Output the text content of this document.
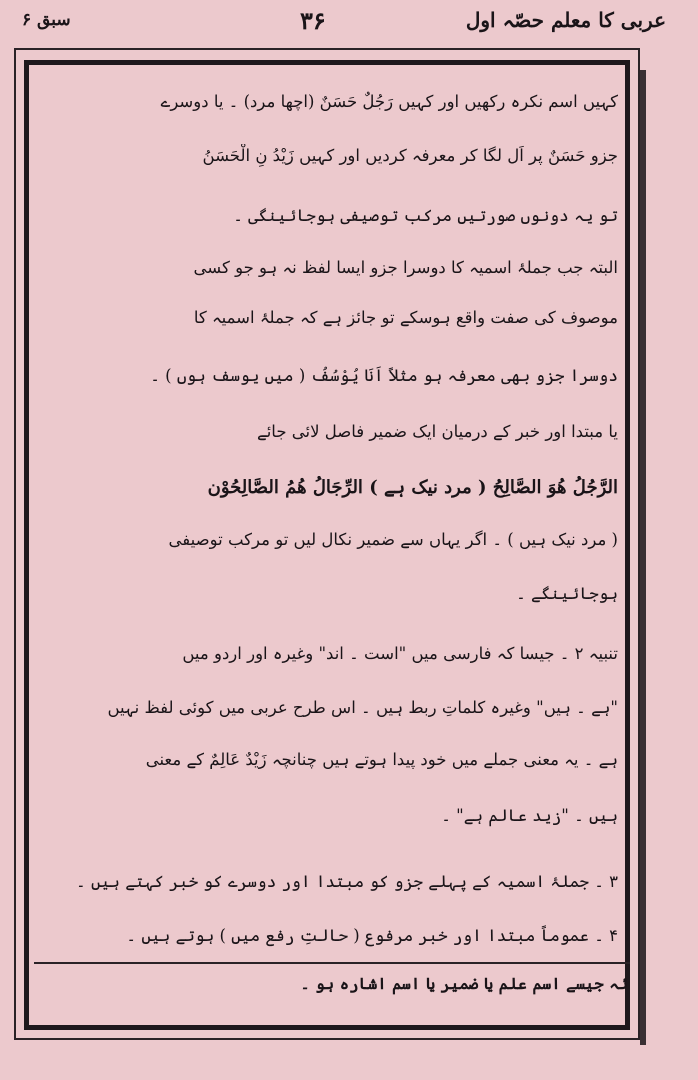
عربی کا معلم حصّہ اول
۳۶
سبق ۶
کہیں اسم نکرہ رکھیں اور کہیں رَجُلٌ حَسَنٌ (اچھا مرد) ۔ یا دوسرے
جزو حَسَنٌ پر اَل لگا کر معرفہ کردیں اور کہیں زَیْدُ نِ الْحَسَنُ
تو یہ دونوں صورتیں مرکب توصیفی ہوجائینگی ۔
البتہ جب جملۂ اسمیہ کا دوسرا جزو ایسا لفظ نہ ہو جو کسی
موصوف کی صفت واقع ہوسکے تو جائز ہے کہ جملۂ اسمیہ کا
دوسرا جزو بھی معرفہ ہو مثلاً اَنَا یُوْسُفُ ( میں یوسف ہوں ) ۔
یا مبتدا اور خبر کے درمیان ایک ضمیر فاصل لائی جائے
الرَّجُلُ هُوَ الصَّالِحُ ( مرد نیک ہے ) الرِّجَالُ هُمُ الصَّالِحُوْن
( مرد نیک ہیں ) ۔ اگر یہاں سے ضمیر نکال لیں تو مرکب توصیفی
ہوجائینگے ۔
تنبیہ ۲ ۔ جیسا کہ فارسی میں "است ۔ اند" وغیرہ اور اردو میں
"ہے ۔ ہیں" وغیرہ کلماتِ ربط ہیں ۔ اس طرح عربی میں کوئی لفظ نہیں
ہے ۔ یہ معنی جملے میں خود پیدا ہوتے ہیں چنانچہ زَیْدٌ عَالِمٌ کے معنی
ہیں ۔ "زید عالم ہے" ۔
۳ ۔ جملۂ اسمیہ کے پہلے جزو کو مبتدا اور دوسرے کو خبر کہتے ہیں ۔
۴ ۔ عموماً مبتدا اور خبر مرفوع ( حالتِ رفع میں ) ہوتے ہیں ۔
ئہ جیسے اسم علم یا ضمیر یا اسم اشارہ ہو ۔
